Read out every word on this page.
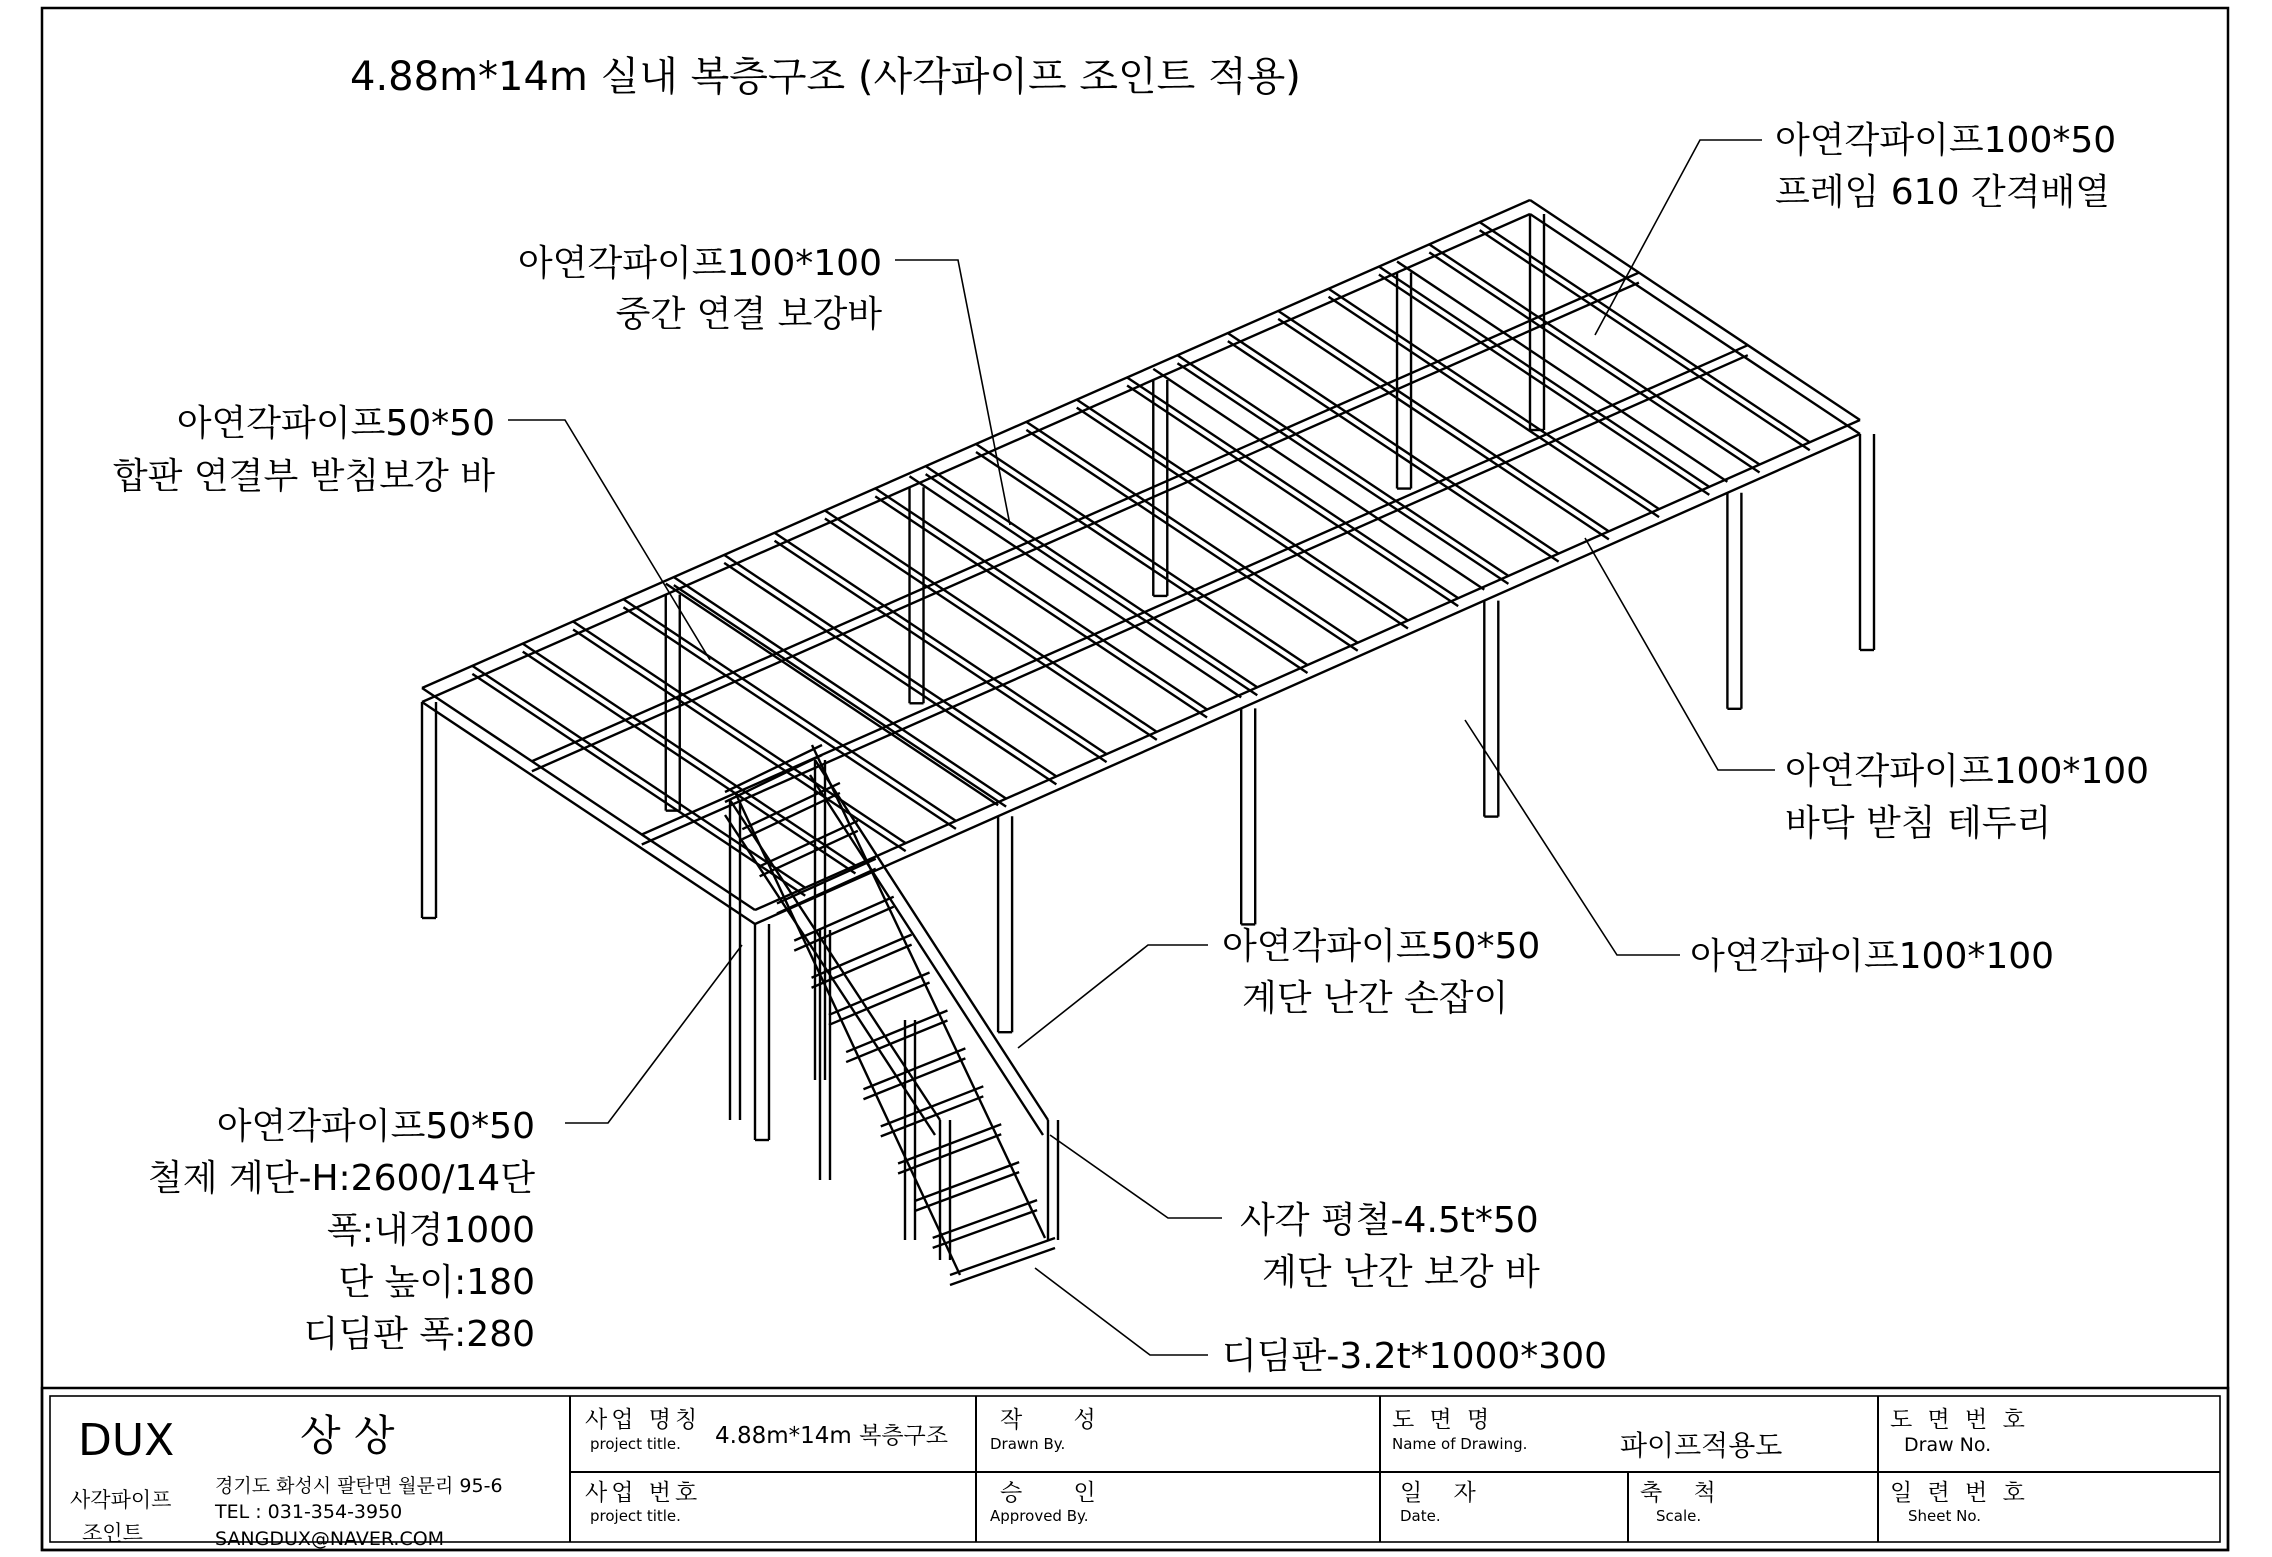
4.88m*14m 실내 복층구조 (사각파이프 조인트 적용)
아연각파이프100*50
프레임 610 간격배열
아연각파이프100*100
중간 연결 보강바
아연각파이프50*50
합판 연결부 받침보강 바
아연각파이프100*100
바닥 받침 테두리
아연각파이프100*100
아연각파이프50*50
계단 난간 손잡이
아연각파이프50*50
철제 계단-H:2600/14단
폭:내경1000
단 높이:180
디딤판 폭:280
사각 평철-4.5t*50
계단 난간 보강 바
디딤판-3.2t*1000*300
DUX	상 상
사각파이프
조인트
경기도 화성시 팔탄면 월문리 95-6
TEL : 031-354-3950
SANGDUX@NAVER.COM
사업 명칭
project title. 4.88m*14m 복층구조
사업 번호
project title.
작 성
Drawn By.
승 인
Approved By.
도 면 명
Name of Drawing.	파이프적용도
일 자
Date.
축 척
Scale.
도 면 번 호
Draw No.
일 련 번 호
Sheet No.
